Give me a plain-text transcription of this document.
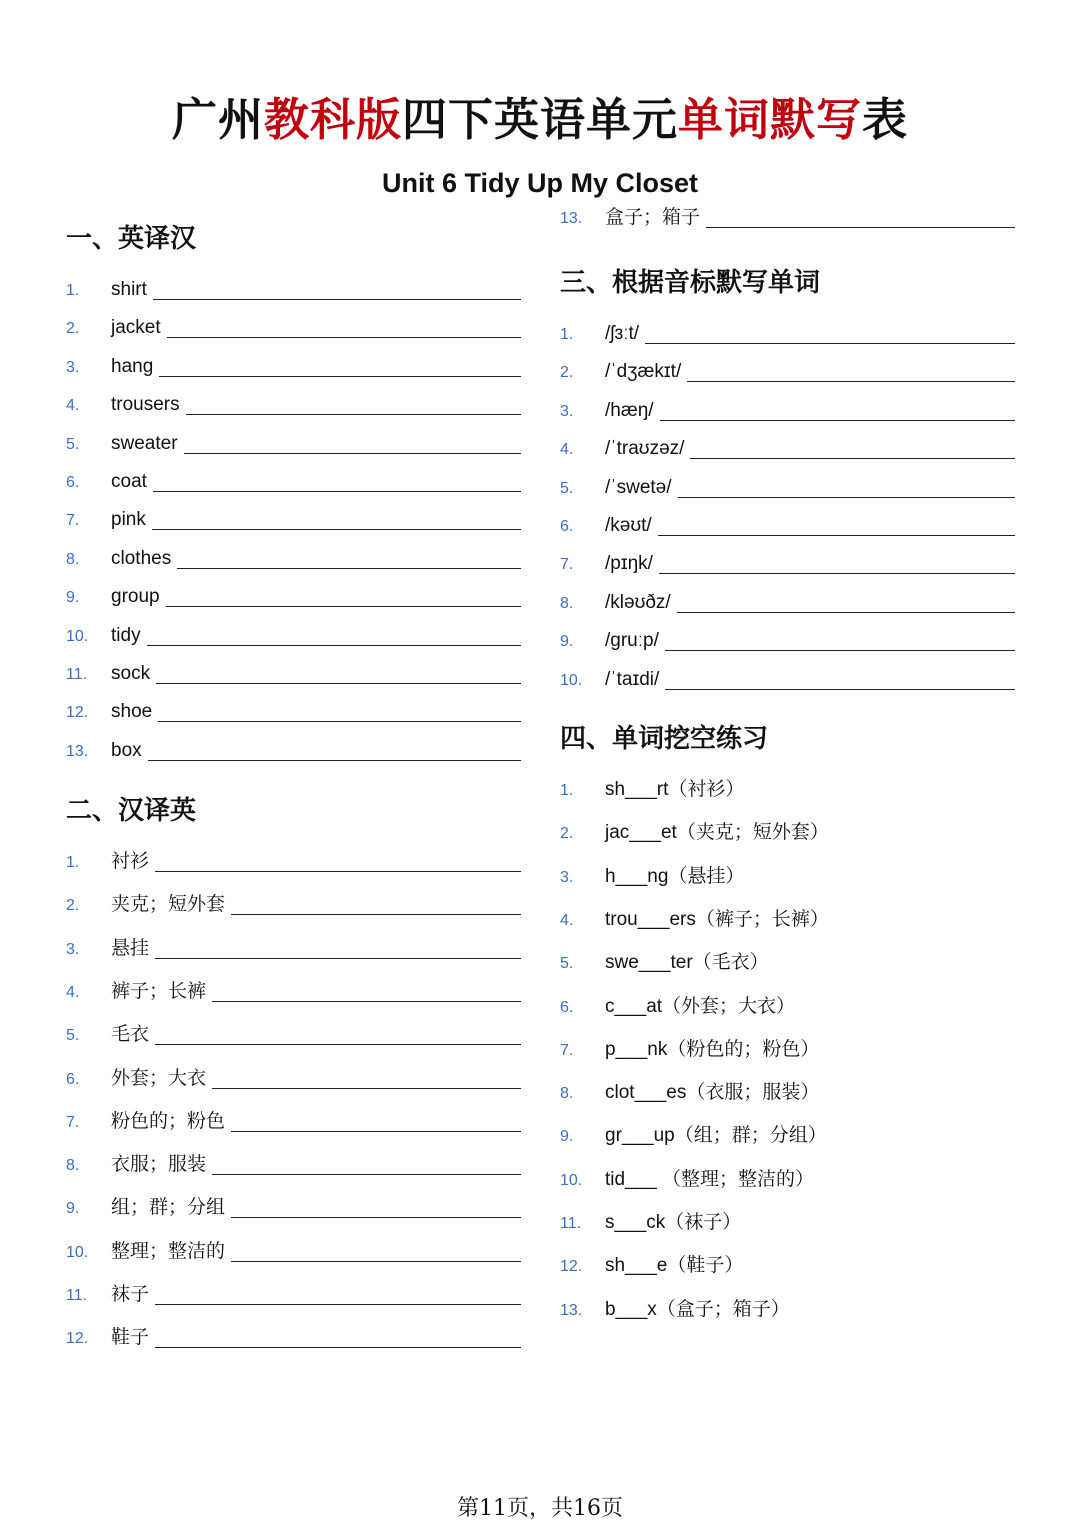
广州教科版四下英语单元单词默写表
Unit 6 Tidy Up My Closet
一、英译汉
1.	shirt
2.	jacket
3.	hang
4.	trousers
5.	sweater
6.	coat
7.	pink
8.	clothes
9.	group
10.	tidy
11.	sock
12.	shoe
13.	box
二、汉译英
1.	衬衫
2.	夹克；短外套
3.	悬挂
4.	裤子；长裤
5.	毛衣
6.	外套；大衣
7.	粉色的；粉色
8.	衣服；服装
9.	组；群；分组
10.	整理；整洁的
11.	袜子
12.	鞋子
13.	盒子；箱子
三、根据音标默写单词
1.	/ʃɜːt/
2.	/ˈdʒækɪt/
3.	/hæŋ/
4.	/ˈtraʊzəz/
5.	/ˈswetə/
6.	/kəʊt/
7.	/pɪŋk/
8.	/kləʊðz/
9.	/ɡruːp/
10.	/ˈtaɪdi/
四、单词挖空练习
1.	sh___rt（衬衫）
2.	jac___et（夹克；短外套）
3.	h___ng（悬挂）
4.	trou___ers（裤子；长裤）
5.	swe___ter（毛衣）
6.	c___at（外套；大衣）
7.	p___nk（粉色的；粉色）
8.	clot___es（衣服；服装）
9.	gr___up（组；群；分组）
10.	tid___ （整理；整洁的）
11.	s___ck（袜子）
12.	sh___e（鞋子）
13.	b___x（盒子；箱子）
第11页，共16页
